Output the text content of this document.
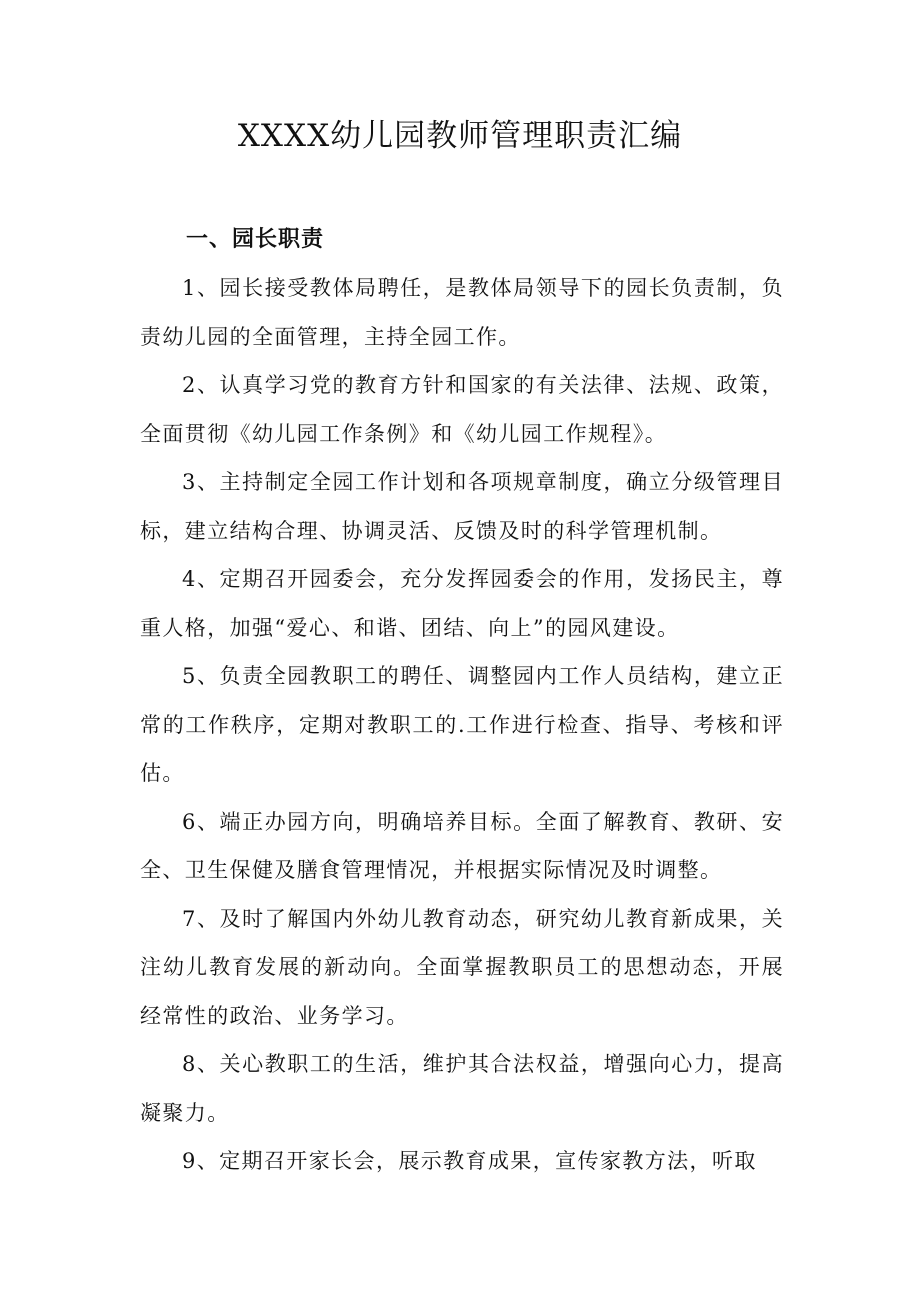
XXXX幼儿园教师管理职责汇编
一、园长职责

1、园长接受教体局聘任，是教体局领导下的园长负责制，负责幼儿园的全面管理，主持全园工作。

2、认真学习党的教育方针和国家的有关法律、法规、政策，全面贯彻《幼儿园工作条例》和《幼儿园工作规程》。

3、主持制定全园工作计划和各项规章制度，确立分级管理目标，建立结构合理、协调灵活、反馈及时的科学管理机制。

4、定期召开园委会，充分发挥园委会的作用，发扬民主，尊重人格，加强“爱心、和谐、团结、向上”的园风建设。

5、负责全园教职工的聘任、调整园内工作人员结构，建立正常的工作秩序，定期对教职工的.工作进行检查、指导、考核和评估。

6、端正办园方向，明确培养目标。全面了解教育、教研、安全、卫生保健及膳食管理情况，并根据实际情况及时调整。

7、及时了解国内外幼儿教育动态，研究幼儿教育新成果，关注幼儿教育发展的新动向。全面掌握教职员工的思想动态，开展经常性的政治、业务学习。

8、关心教职工的生活，维护其合法权益，增强向心力，提高凝聚力。

9、定期召开家长会，展示教育成果，宣传家教方法，听取
